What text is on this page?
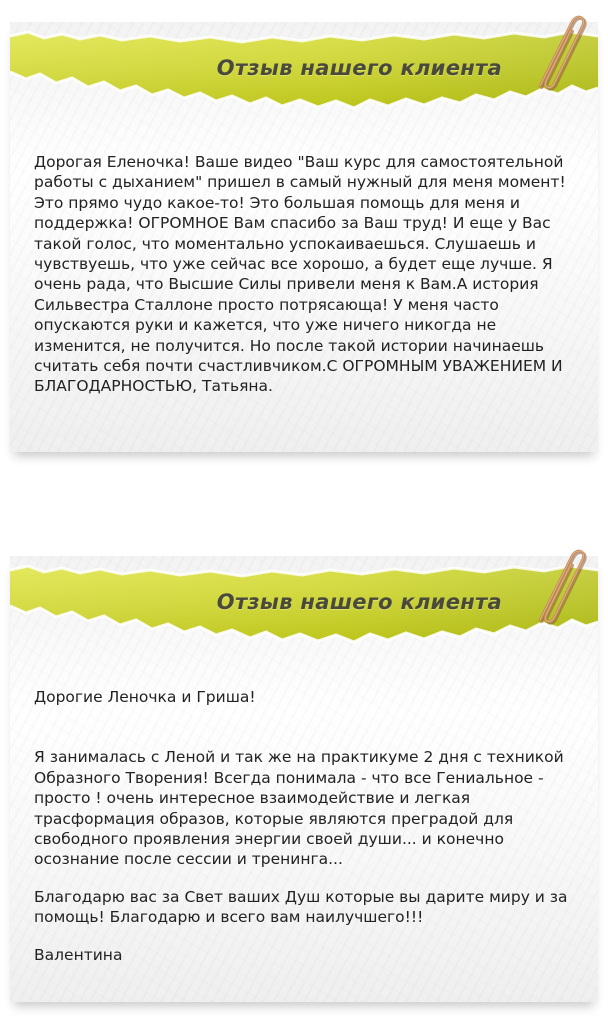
Отзыв нашего клиента

Дорогая Еленочка! Ваше видео "Ваш курс для самостоятельной работы с дыханием" пришел в самый нужный для меня момент! Это прямо чудо какое-то! Это большая помощь для меня и поддержка! ОГРОМНОЕ Вам спасибо за Ваш труд! И еще у Вас такой голос, что моментально успокаиваешься. Слушаешь и чувствуешь, что уже сейчас все хорошо, а будет еще лучше. Я очень рада, что Высшие Силы привели меня к Вам.А история Сильвестра Сталлоне просто потрясающа! У меня часто опускаются руки и кажется, что уже ничего никогда не изменится, не получится. Но после такой истории начинаешь считать себя почти счастливчиком.С ОГРОМНЫМ УВАЖЕНИЕМ И БЛАГОДАРНОСТЬЮ, Татьяна.

Отзыв нашего клиента

Дорогие Леночка и Гриша!

Я занималась с Леной и так же на практикуме 2 дня с техникой Образного Творения! Всегда понимала - что все Гениальное - просто ! очень интересное взаимодействие и легкая трасформация образов, которые являются преградой для свободного проявления энергии своей души... и конечно осознание после сессии и тренинга...

Благодарю вас за Свет ваших Душ которые вы дарите миру и за помощь! Благодарю и всего вам наилучшего!!!

Валентина
